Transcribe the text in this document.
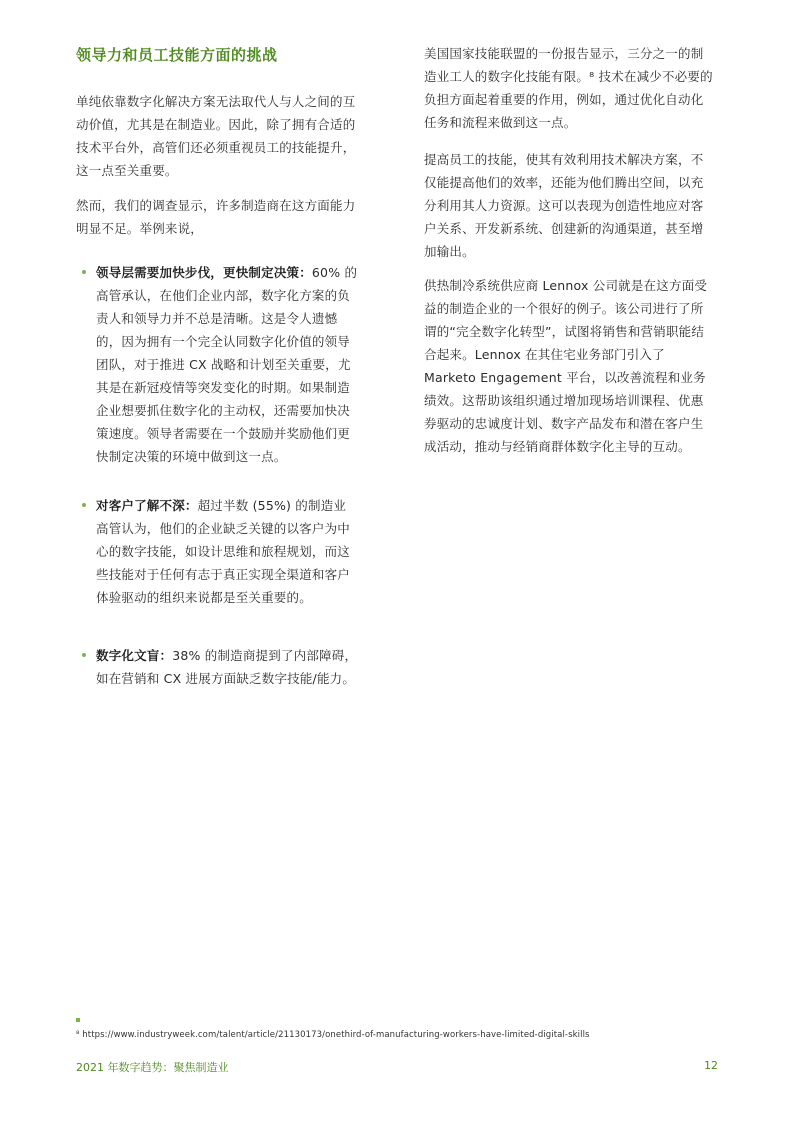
领导力和员工技能方面的挑战

单纯依靠数字化解决方案无法取代人与人之间的互动价值，尤其是在制造业。因此，除了拥有合适的技术平台外，高管们还必须重视员工的技能提升，这一点至关重要。

然而，我们的调查显示，许多制造商在这方面能力明显不足。举例来说，

领导层需要加快步伐，更快制定决策：60% 的高管承认，在他们企业内部，数字化方案的负责人和领导力并不总是清晰。这是令人遗憾的，因为拥有一个完全认同数字化价值的领导团队，对于推进 CX 战略和计划至关重要，尤其是在新冠疫情等突发变化的时期。如果制造企业想要抓住数字化的主动权，还需要加快决策速度。领导者需要在一个鼓励并奖励他们更快制定决策的环境中做到这一点。
对客户了解不深：超过半数 (55%) 的制造业高管认为，他们的企业缺乏关键的以客户为中心的数字技能，如设计思维和旅程规划，而这些技能对于任何有志于真正实现全渠道和客户体验驱动的组织来说都是至关重要的。
数字化文盲：38% 的制造商提到了内部障碍，如在营销和 CX 进展方面缺乏数字技能/能力。

美国国家技能联盟的一份报告显示，三分之一的制造业工人的数字化技能有限。⁸ 技术在减少不必要的负担方面起着重要的作用，例如，通过优化自动化任务和流程来做到这一点。

提高员工的技能，使其有效利用技术解决方案，不仅能提高他们的效率，还能为他们腾出空间，以充分利用其人力资源。这可以表现为创造性地应对客户关系、开发新系统、创建新的沟通渠道，甚至增加输出。

供热制冷系统供应商 Lennox 公司就是在这方面受益的制造企业的一个很好的例子。该公司进行了所谓的“完全数字化转型”，试图将销售和营销职能结合起来。Lennox 在其住宅业务部门引入了 Marketo Engagement 平台，以改善流程和业务绩效。这帮助该组织通过增加现场培训课程、优惠券驱动的忠诚度计划、数字产品发布和潜在客户生成活动，推动与经销商群体数字化主导的互动。

⁸ https://www.industryweek.com/talent/article/21130173/onethird-of-manufacturing-workers-have-limited-digital-skills
2021 年数字趋势：聚焦制造业	12
